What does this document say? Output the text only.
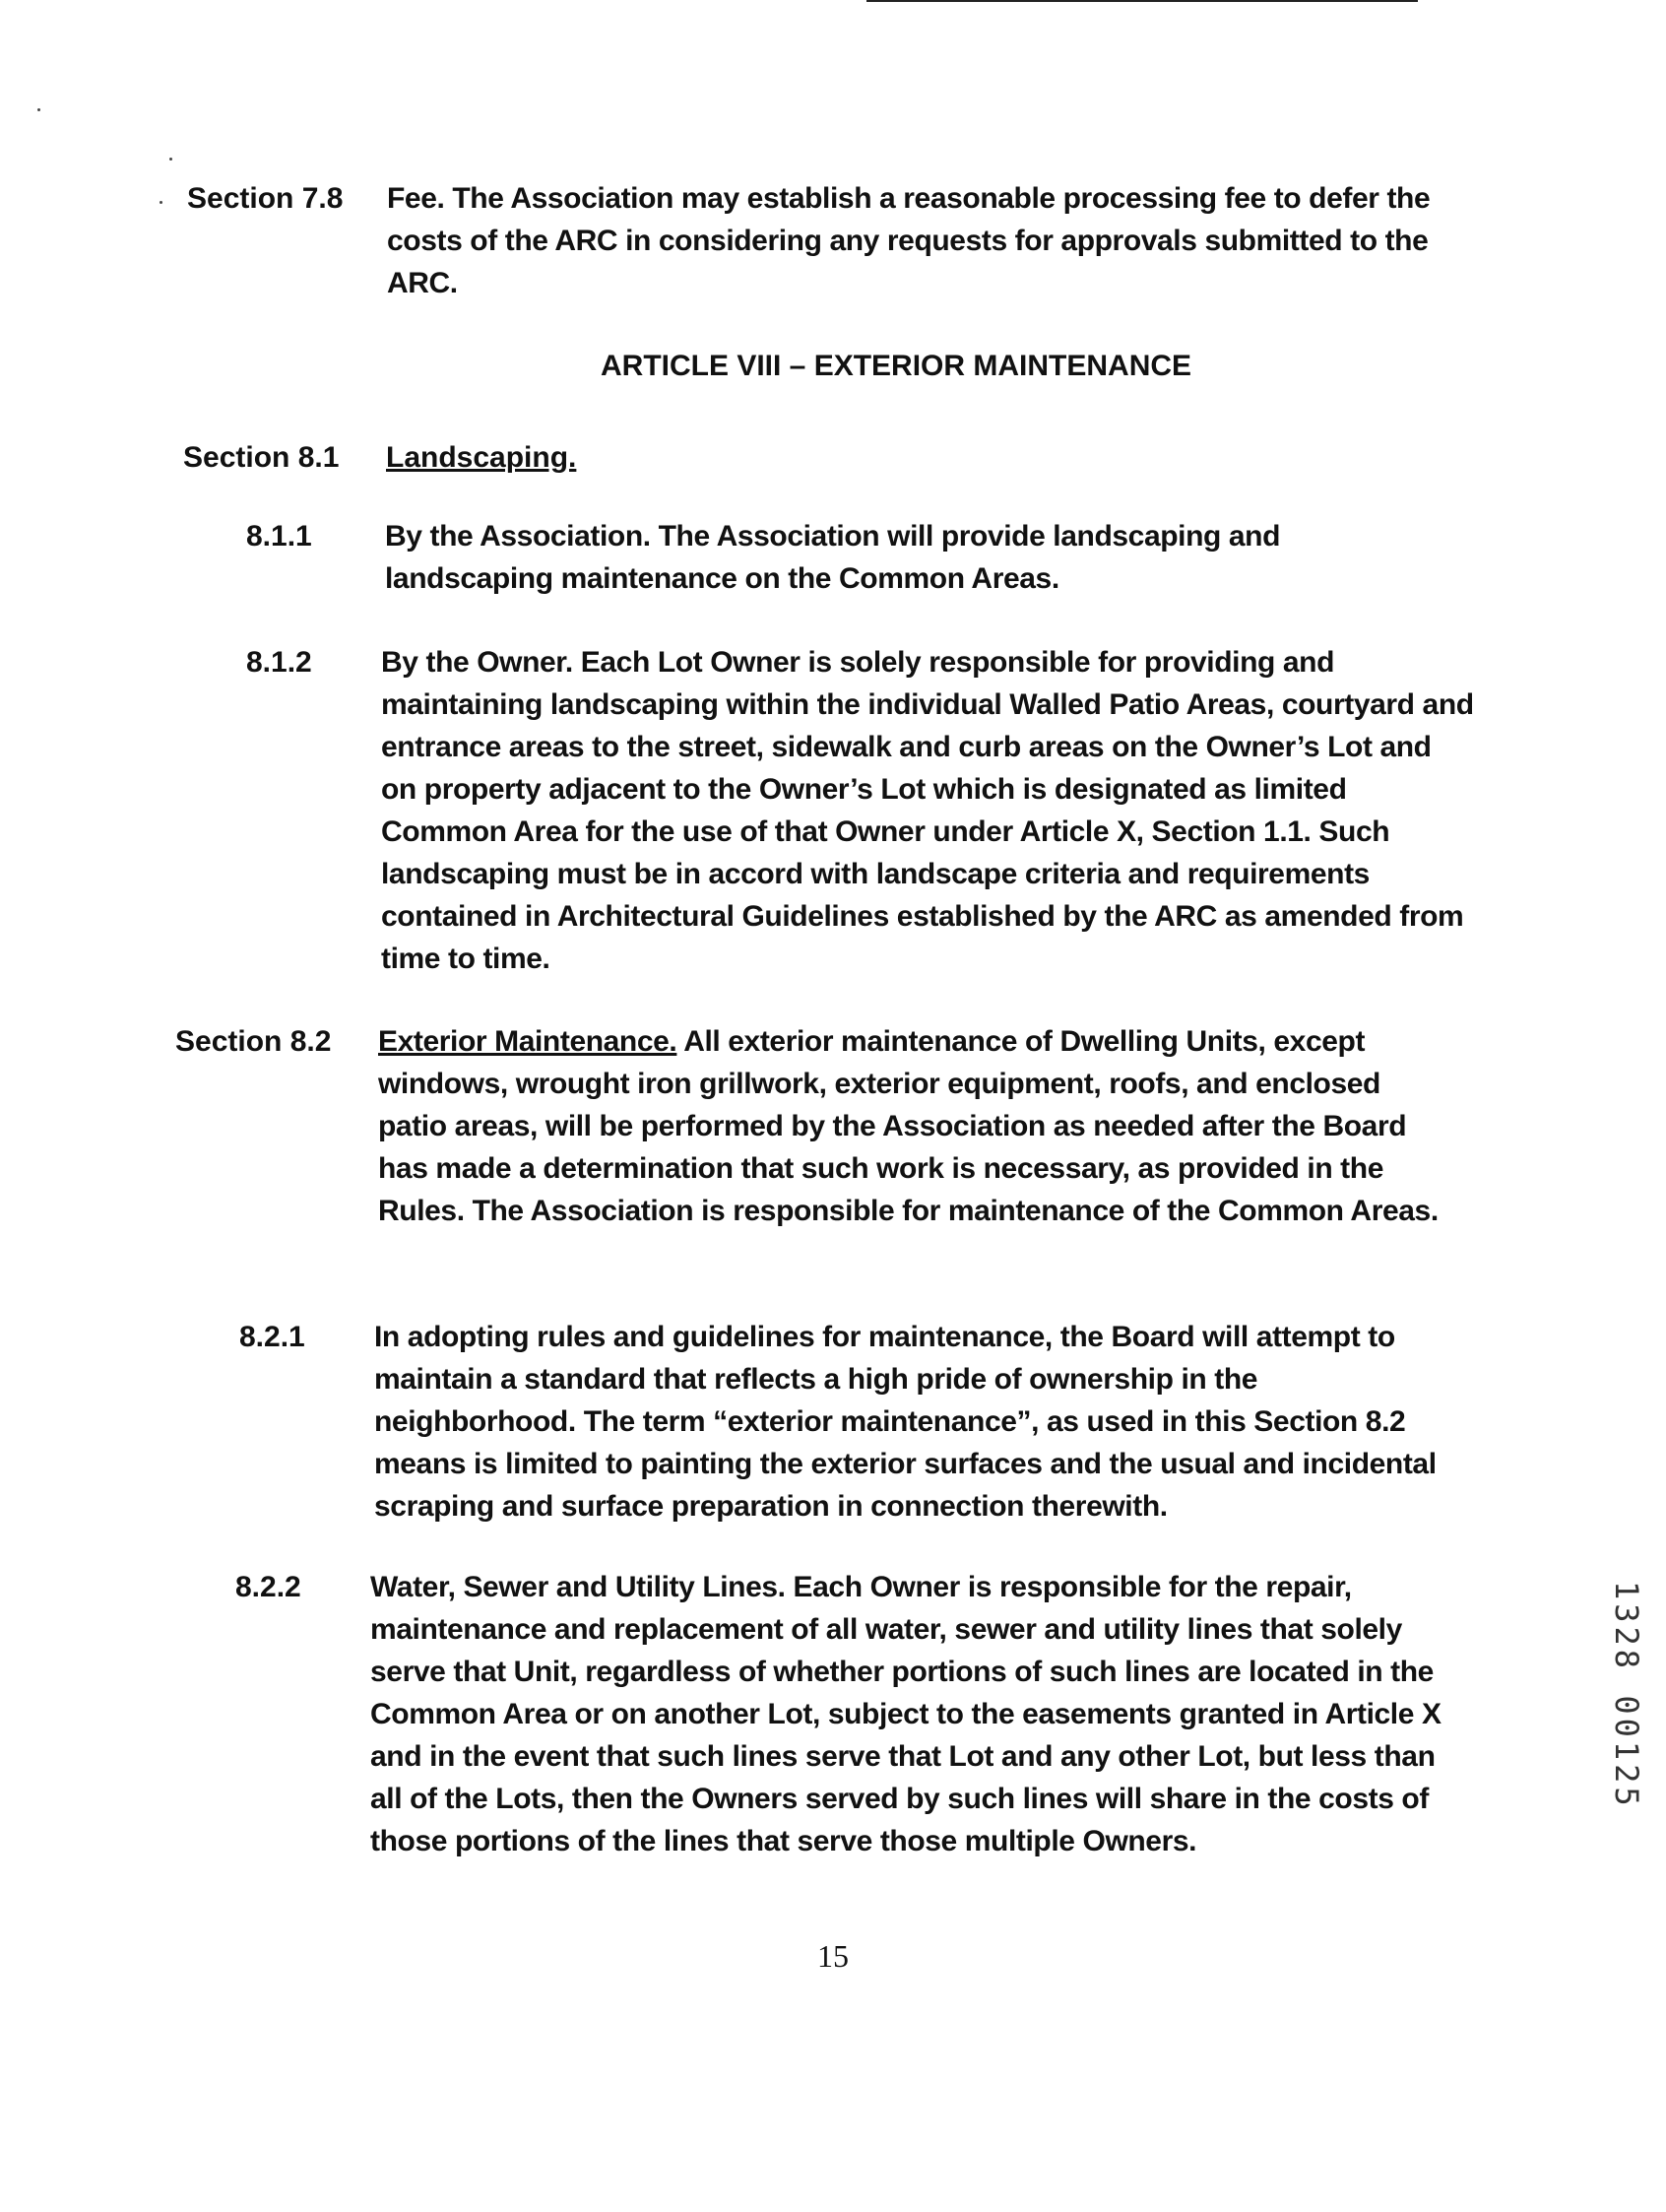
Section 7.8 Fee. The Association may establish a reasonable processing fee to defer the costs of the ARC in considering any requests for approvals submitted to the ARC.
ARTICLE VIII – EXTERIOR MAINTENANCE
Section 8.1 Landscaping.
8.1.1 By the Association. The Association will provide landscaping and landscaping maintenance on the Common Areas.
8.1.2 By the Owner. Each Lot Owner is solely responsible for providing and maintaining landscaping within the individual Walled Patio Areas, courtyard and entrance areas to the street, sidewalk and curb areas on the Owner’s Lot and on property adjacent to the Owner’s Lot which is designated as limited Common Area for the use of that Owner under Article X, Section 1.1. Such landscaping must be in accord with landscape criteria and requirements contained in Architectural Guidelines established by the ARC as amended from time to time.
Section 8.2 Exterior Maintenance. All exterior maintenance of Dwelling Units, except windows, wrought iron grillwork, exterior equipment, roofs, and enclosed patio areas, will be performed by the Association as needed after the Board has made a determination that such work is necessary, as provided in the Rules. The Association is responsible for maintenance of the Common Areas.
8.2.1 In adopting rules and guidelines for maintenance, the Board will attempt to maintain a standard that reflects a high pride of ownership in the neighborhood. The term “exterior maintenance”, as used in this Section 8.2 means is limited to painting the exterior surfaces and the usual and incidental scraping and surface preparation in connection therewith.
8.2.2 Water, Sewer and Utility Lines. Each Owner is responsible for the repair, maintenance and replacement of all water, sewer and utility lines that solely serve that Unit, regardless of whether portions of such lines are located in the Common Area or on another Lot, subject to the easements granted in Article X and in the event that such lines serve that Lot and any other Lot, but less than all of the Lots, then the Owners served by such lines will share in the costs of those portions of the lines that serve those multiple Owners.
15
1328 00125
